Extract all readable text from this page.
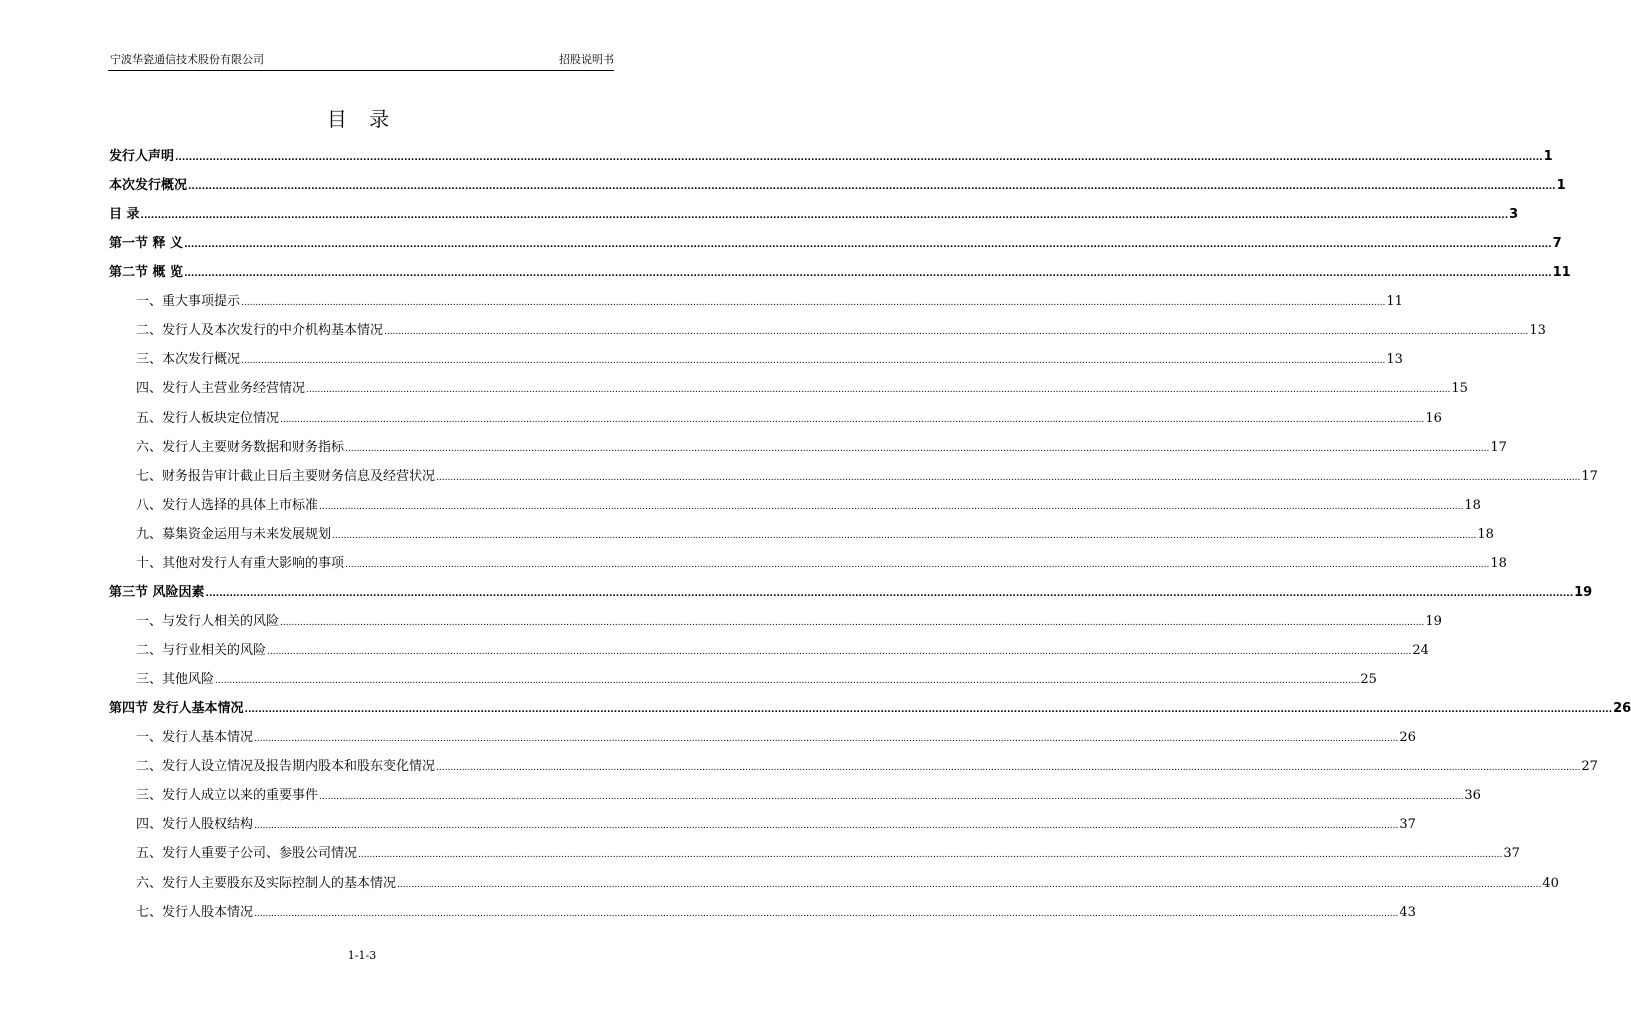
宁波华瓷通信技术股份有限公司	招股说明书
目 录
发行人声明 ................................................................................................................................................................................................................................................................................................................................................................................................................ 1
本次发行概况 ................................................................................................................................................................................................................................................................................................................................................................................................................ 1
目 录 ................................................................................................................................................................................................................................................................................................................................................................................................................ 3
第一节 释 义 ................................................................................................................................................................................................................................................................................................................................................................................................................ 7
第二节 概 览 ................................................................................................................................................................................................................................................................................................................................................................................................................ 11
一、重大事项提示 ................................................................................................................................................................................................................................................................................................................................................................................................................ 11
二、发行人及本次发行的中介机构基本情况 ................................................................................................................................................................................................................................................................................................................................................................................................................ 13
三、本次发行概况 ................................................................................................................................................................................................................................................................................................................................................................................................................ 13
四、发行人主营业务经营情况 ................................................................................................................................................................................................................................................................................................................................................................................................................ 15
五、发行人板块定位情况 ................................................................................................................................................................................................................................................................................................................................................................................................................ 16
六、发行人主要财务数据和财务指标 ................................................................................................................................................................................................................................................................................................................................................................................................................ 17
七、财务报告审计截止日后主要财务信息及经营状况 ................................................................................................................................................................................................................................................................................................................................................................................................................ 17
八、发行人选择的具体上市标准 ................................................................................................................................................................................................................................................................................................................................................................................................................ 18
九、募集资金运用与未来发展规划 ................................................................................................................................................................................................................................................................................................................................................................................................................ 18
十、其他对发行人有重大影响的事项 ................................................................................................................................................................................................................................................................................................................................................................................................................ 18
第三节 风险因素 ................................................................................................................................................................................................................................................................................................................................................................................................................ 19
一、与发行人相关的风险 ................................................................................................................................................................................................................................................................................................................................................................................................................ 19
二、与行业相关的风险 ................................................................................................................................................................................................................................................................................................................................................................................................................ 24
三、其他风险 ................................................................................................................................................................................................................................................................................................................................................................................................................ 25
第四节 发行人基本情况 ................................................................................................................................................................................................................................................................................................................................................................................................................ 26
一、发行人基本情况 ................................................................................................................................................................................................................................................................................................................................................................................................................ 26
二、发行人设立情况及报告期内股本和股东变化情况 ................................................................................................................................................................................................................................................................................................................................................................................................................ 27
三、发行人成立以来的重要事件 ................................................................................................................................................................................................................................................................................................................................................................................................................ 36
四、发行人股权结构 ................................................................................................................................................................................................................................................................................................................................................................................................................ 37
五、发行人重要子公司、参股公司情况 ................................................................................................................................................................................................................................................................................................................................................................................................................ 37
六、发行人主要股东及实际控制人的基本情况 ................................................................................................................................................................................................................................................................................................................................................................................................................ 40
七、发行人股本情况 ................................................................................................................................................................................................................................................................................................................................................................................................................ 43
1-1-3
